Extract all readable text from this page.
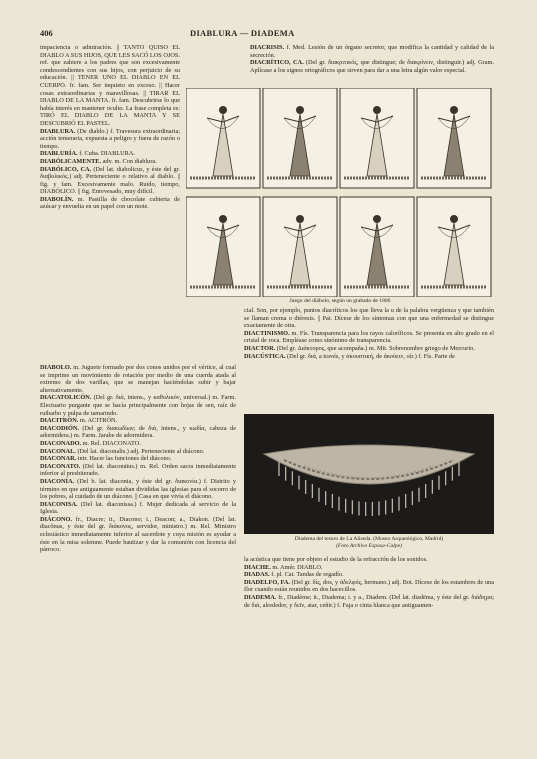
406	DIABLURA — DIADEMA

impaciencia o admiración. || TANTO QUISO EL DIABLO A SUS HIJOS, QUE LES SACÓ LOS OJOS. ref. que zahiere a los padres que son excesivamente condescendientes con sus hijos, con perjuicio de su educación. || TENER UNO EL DIABLO EN EL CUERPO. fr. fam. Ser inquieto en exceso. || Hacer cosas extraordinarias y maravillosas. || TIRAR EL DIABLO DE LA MANTA. fr. fam. Descubrirse lo que había interés en mantener oculto. La frase completa es: TIRÓ EL DIABLO DE LA MANTA Y SE DESCUBRIÓ EL PASTEL.

DIABLURA. (De diablo.) f. Travesura extraordinaria; acción temeraria, expuesta a peligro y fuera de razón o tiempo.

DIABLURÍA. f. Cuba. DIABLURA.

DIABÓLICAMENTE. adv. m. Con diablura.

DIABÓLICO, CA. (Del lat. diabolicus, y éste del gr. διαβολικός.) adj. Perteneciente o relativo al diablo. || fig. y fam. Excesivamente malo. Ruido, tiempo, DIABÓLICO. || fig. Enrevesado, muy difícil.

DIABOLÍN. m. Pastilla de chocolate cubierta de azúcar y envuelta en un papel con un mote.

DIÁBOLO. m. Juguete formado por dos conos unidos por el vértice, al cual se imprime un movimiento de rotación por medio de una cuerda atada al extremo de dos varillas, que se manejan haciéndolas subir y bajar alternativamente.

DIACATOLICÓN. (Del gr. διά, intens., y καθολικόν, universal.) m. Farm. Electuario purgante que se hacía principalmente con hojas de sen, raíz de ruibarbo y pulpa de tamarindo.

DIACITRÓN. m. ACITRÓN.

DIACODIÓN. (Del gr. διακωδίων; de διά, intens., y κωδία, cabeza de adormidera.) m. Farm. Jarabe de adormidera.

DIACONADO. m. Rel. DIACONATO.

DIACONAL. (Del lat. diaconalis.) adj. Perteneciente al diácono.

DIACONAR. intr. Hacer las funciones del diácono.

DIACONATO. (Del lat. diaconātus.) m. Rel. Orden sacra inmediatamente inferior al presbiterado.

DIACONÍA. (Del b. lat. diaconia, y éste del gr. διακονία.) f. Distrito y término en que antiguamente estaban divididas las iglesias para el socorro de los pobres, al cuidado de un diácono. || Casa en que vivía el diácono.

DIACONISA. (Del lat. diaconissa.) f. Mujer dedicada al servicio de la Iglesia.

DIÁCONO. fr., Diacre; it., Diacono; i., Deacon; a., Diakon. (Del lat. diacŏnus, y éste del gr. διάκονος, servidor, ministro.) m. Rel. Ministro eclesiástico inmediatamente inferior al sacerdote y cuya misión es ayudar a éste en la misa solemne. Puede bautizar y dar la comunión con licencia del párroco.

DIACRISIS. f. Med. Lesión de un órgano secretor, que modifica la cantidad y calidad de la secreción.

DIACRÍTICO, CA. (Del gr. διακριτικός, que distingue; de διακρίνειν, distinguir.) adj. Gram. Aplícase a los signos ortográficos que sirven para dar a una letra algún valor especial.

Juego del diábolo, según un grabado de 1806

cial. Son, por ejemplo, puntos diacríticos los que lleva la u de la palabra vergüenza y que también se llaman crema o diéresis. || Pat. Dícese de los síntomas con que una enfermedad se distingue exactamente de otra.

DIACTINISMO. m. Fís. Transparencia para los rayos caloríficos. Se presenta en alto grado en el cristal de roca. Empléase como sinónimo de transparencia.

DIACTOR. (Del gr. Διάκτορος, que acompaña.) m. Mit. Sobrenombre griego de Mercurio.

DIACÚSTICA. (Del gr. διά, a través, y ἀκουστική, de ἀκούειν, oír.) f. Fís. Parte de

Diadema del tesoro de La Aliseda. (Museo Arqueológico, Madrid)
(Foto Archivo Espasa-Calpe)

la acústica que tiene por objeto el estudio de la refracción de los sonidos.

DIACHE. m. Amér. DIABLO.

DIADAS. f. pl. Cat. Tandas de regadío.

DIADELFO, FA. (Del gr. δίς, dos, y ἀδελφός, hermano.) adj. Bot. Dícese de los estambres de una flor cuando están reunidos en dos hacecillos.

DIADEMA. fr., Diadème; it., Diadema; i. y a., Diadem. (Del lat. diadēma, y éste del gr. διάδημα; de διά, alrededor, y δεῖν, atar, ceñir.) f. Faja o cinta blanca que antiguamen-
